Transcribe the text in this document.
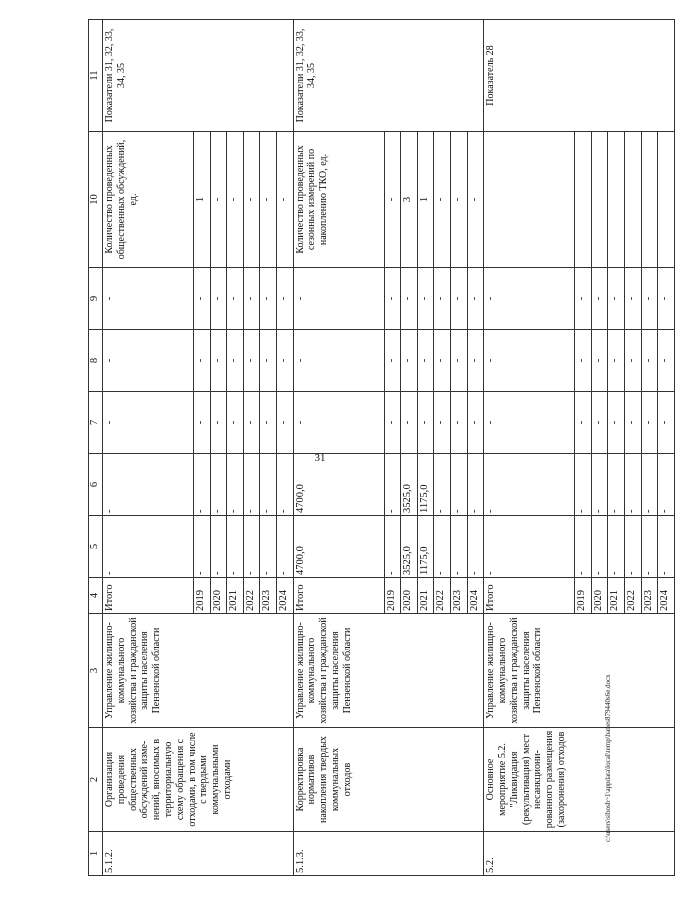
31
1	2	3	4	5	6	7	8	9	10	11
5.1.2.	Организация проведения общественных обсуждений изме-нений, вносимых в территориальную схему обращения с отходами, в том числе с твердыми коммунальными отходами	Управление жилищно-коммунального хозяйства и гражданской защиты населения Пензенской области	Итого	-	-	-	-	-	Количество проведенных общественных обсуждений, ед.	Показатели 31, 32, 33, 34, 35
			2019	-	-	-	-	-	1	
			2020	-	-	-	-	-	-	
			2021	-	-	-	-	-	-	
			2022	-	-	-	-	-	-	
			2023	-	-	-	-	-	-	
			2024	-	-	-	-	-	-	
5.1.3.	Корректировка нормативов накопления твердых коммунальных отходов	Управление жилищно-коммунального хозяйства и гражданской защиты населения Пензенской области	Итого	4700,0	4700,0	-	-	-	Количество проведенных сезонных измерений по накоплению ТКО, ед.	Показатели 31, 32, 33, 34, 35
			2019	-	-	-	-	-	-	
			2020	3525,0	3525,0	-	-	-	3	
			2021	1175,0	1175,0	-	-	-	1	
			2022	-	-	-	-	-	-	
			2023	-	-	-	-	-	-	
			2024	-	-	-	-	-	-	
5.2.	Основное мероприятие 5.2. "Ликвидация (рекультивация) мест несанкциони-рованного размещения (захоронения) отходов	Управление жилищно-коммунального хозяйства и гражданской защиты населения Пензенской области	Итого	-	-	-	-	-		Показатель 28
			2019	-	-	-	-	-		
			2020	-	-	-	-	-		
			2021	-	-	-	-	-		
			2022	-	-	-	-	-		
			2023	-	-	-	-	-		
			2024	-	-	-	-	-		
c:\users\sibosh~1\appdata\local\temp\bat\es879440s6e.docx
